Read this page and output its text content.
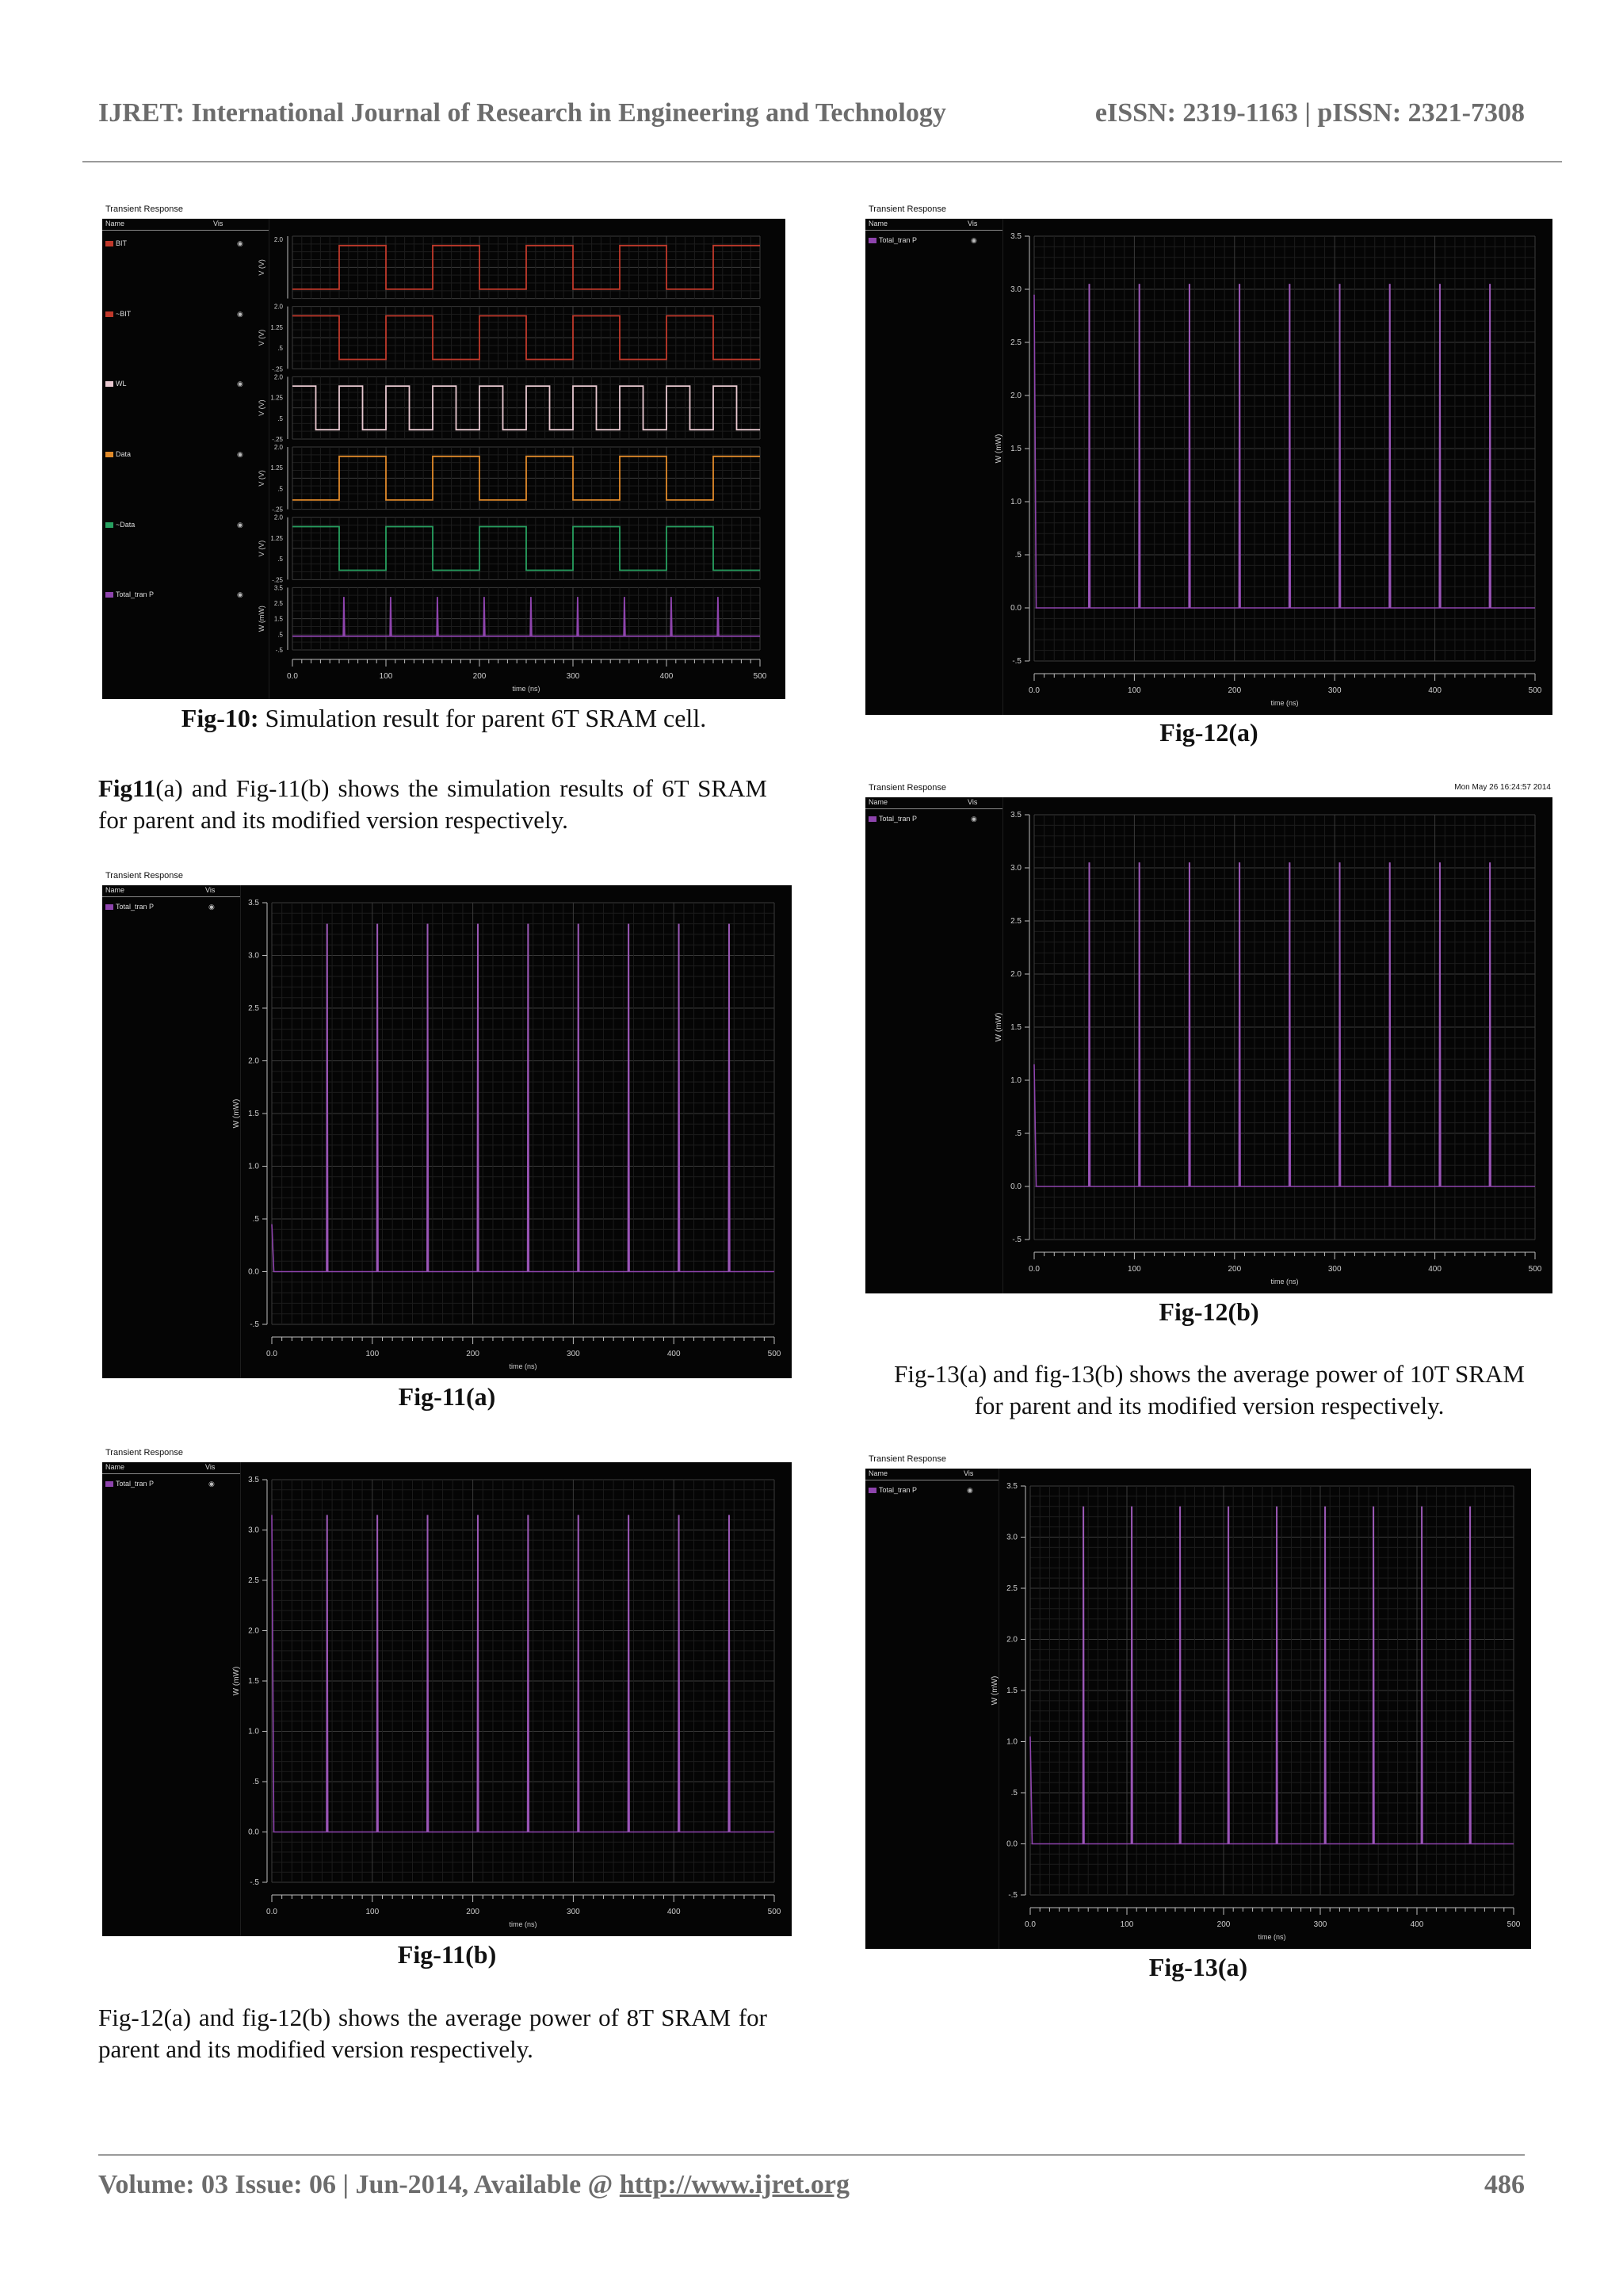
IJRET: International Journal of Research in Engineering and Technology	eISSN: 2319-1163 | pISSN: 2321-7308
Transient Response
Name	Vis
2.0
V (V)
2.0
1.25
.5
-.25
V (V)
2.0
1.25
.5
-.25
V (V)
2.0
1.25
.5
-.25
V (V)
2.0
1.25
.5
-.25
V (V)
3.5
2.5
1.5
.5
-.5
W (mW)
0.0	100	200	300	400	500
time (ns)
BIT	◉
~BIT	◉
WL	◉
Data	◉
~Data	◉
Total_tran P	◉
Fig-10: Simulation result for parent 6T SRAM cell.
Fig11(a) and Fig-11(b) shows the simulation results of 6T SRAM for parent and its modified version respectively.
Transient Response
Name	Vis
Total_tran P	◉	3.5
3.0
2.5
2.0
1.5
1.0
.5
0.0
-.5
W (mW)
0.0	100	200	300	400	500
time (ns)
Fig-11(a)
Transient Response
Name	Vis
Total_tran P	◉	3.5
3.0
2.5
2.0
1.5
1.0
.5
0.0
-.5
W (mW)
0.0	100	200	300	400	500
time (ns)
Fig-11(b)
Fig-12(a) and fig-12(b) shows the average power of 8T SRAM for parent and its modified version respectively.
Transient Response
Name	Vis
Total_tran P	◉	3.5
3.0
2.5
2.0
1.5
1.0
.5
0.0
-.5
W (mW)
0.0	100	200	300	400	500
time (ns)
Fig-12(a)
Transient Response	Mon May 26 16:24:57 2014
Name	Vis
Total_tran P	◉	3.5
3.0
2.5
2.0
1.5
1.0
.5
0.0
-.5
W (mW)
0.0	100	200	300	400	500
time (ns)
Fig-12(b)
Fig-13(a) and fig-13(b) shows the average power of 10T SRAM for parent and its modified version respectively.
Transient Response
Name	Vis
Total_tran P	◉	3.5
3.0
2.5
2.0
1.5
1.0
.5
0.0
-.5
W (mW)
0.0	100	200	300	400	500
time (ns)
Fig-13(a)
Volume: 03 Issue: 06 | Jun-2014, Available @ http://www.ijret.org	486
